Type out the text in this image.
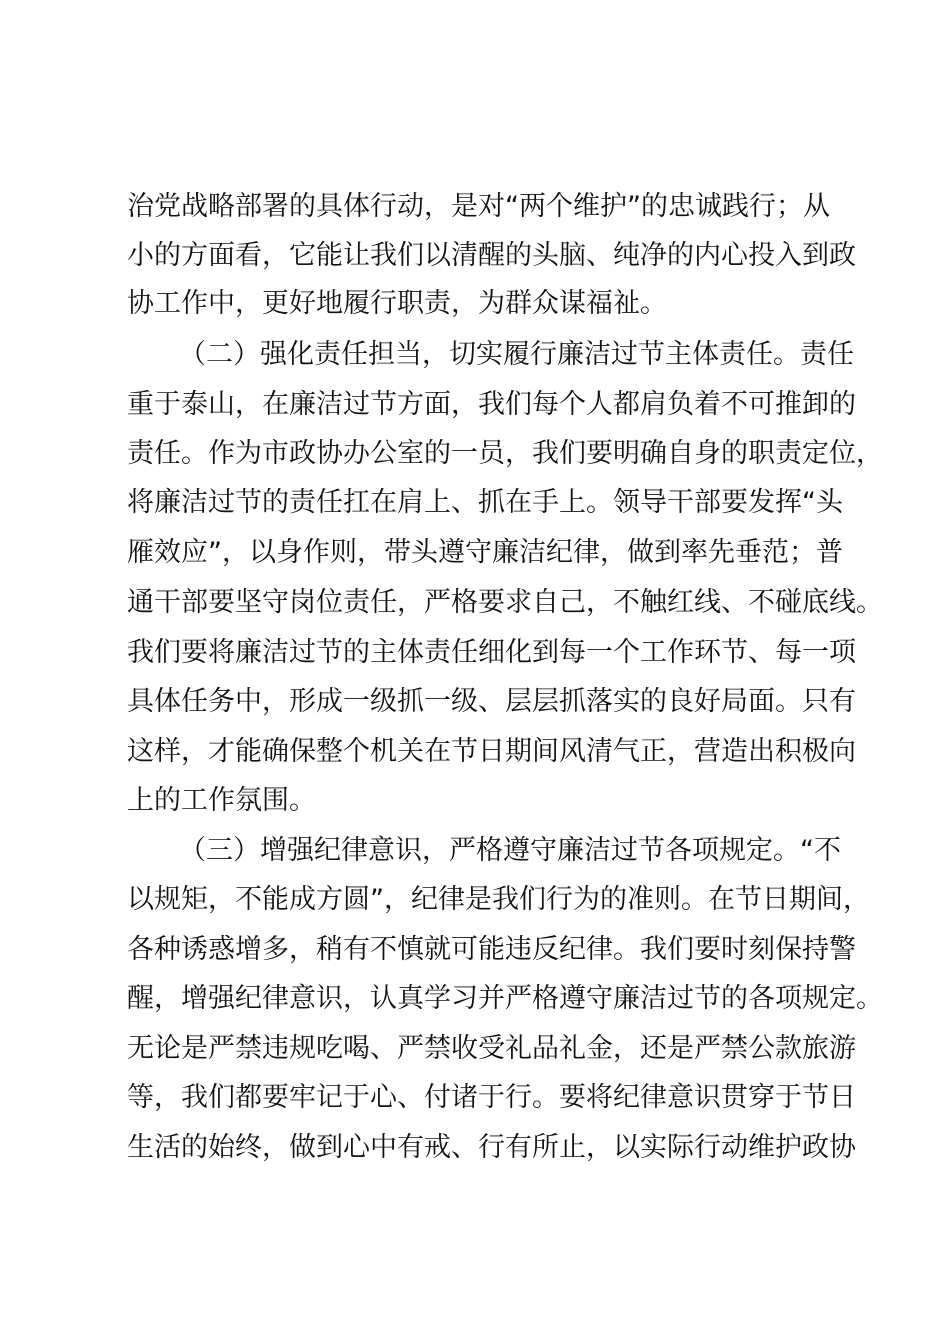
治党战略部署的具体行动，是对“两个维护”的忠诚践行；从
小的方面看，它能让我们以清醒的头脑、纯净的内心投入到政
协工作中，更好地履行职责，为群众谋福祉。
（二）强化责任担当，切实履行廉洁过节主体责任。责任
重于泰山，在廉洁过节方面，我们每个人都肩负着不可推卸的
责任。作为市政协办公室的一员，我们要明确自身的职责定位，
将廉洁过节的责任扛在肩上、抓在手上。领导干部要发挥“头
雁效应”，以身作则，带头遵守廉洁纪律，做到率先垂范；普
通干部要坚守岗位责任，严格要求自己，不触红线、不碰底线。
我们要将廉洁过节的主体责任细化到每一个工作环节、每一项
具体任务中，形成一级抓一级、层层抓落实的良好局面。只有
这样，才能确保整个机关在节日期间风清气正，营造出积极向
上的工作氛围。
（三）增强纪律意识，严格遵守廉洁过节各项规定。“不
以规矩，不能成方圆”，纪律是我们行为的准则。在节日期间，
各种诱惑增多，稍有不慎就可能违反纪律。我们要时刻保持警
醒，增强纪律意识，认真学习并严格遵守廉洁过节的各项规定。
无论是严禁违规吃喝、严禁收受礼品礼金，还是严禁公款旅游
等，我们都要牢记于心、付诸于行。要将纪律意识贯穿于节日
生活的始终，做到心中有戒、行有所止，以实际行动维护政协
